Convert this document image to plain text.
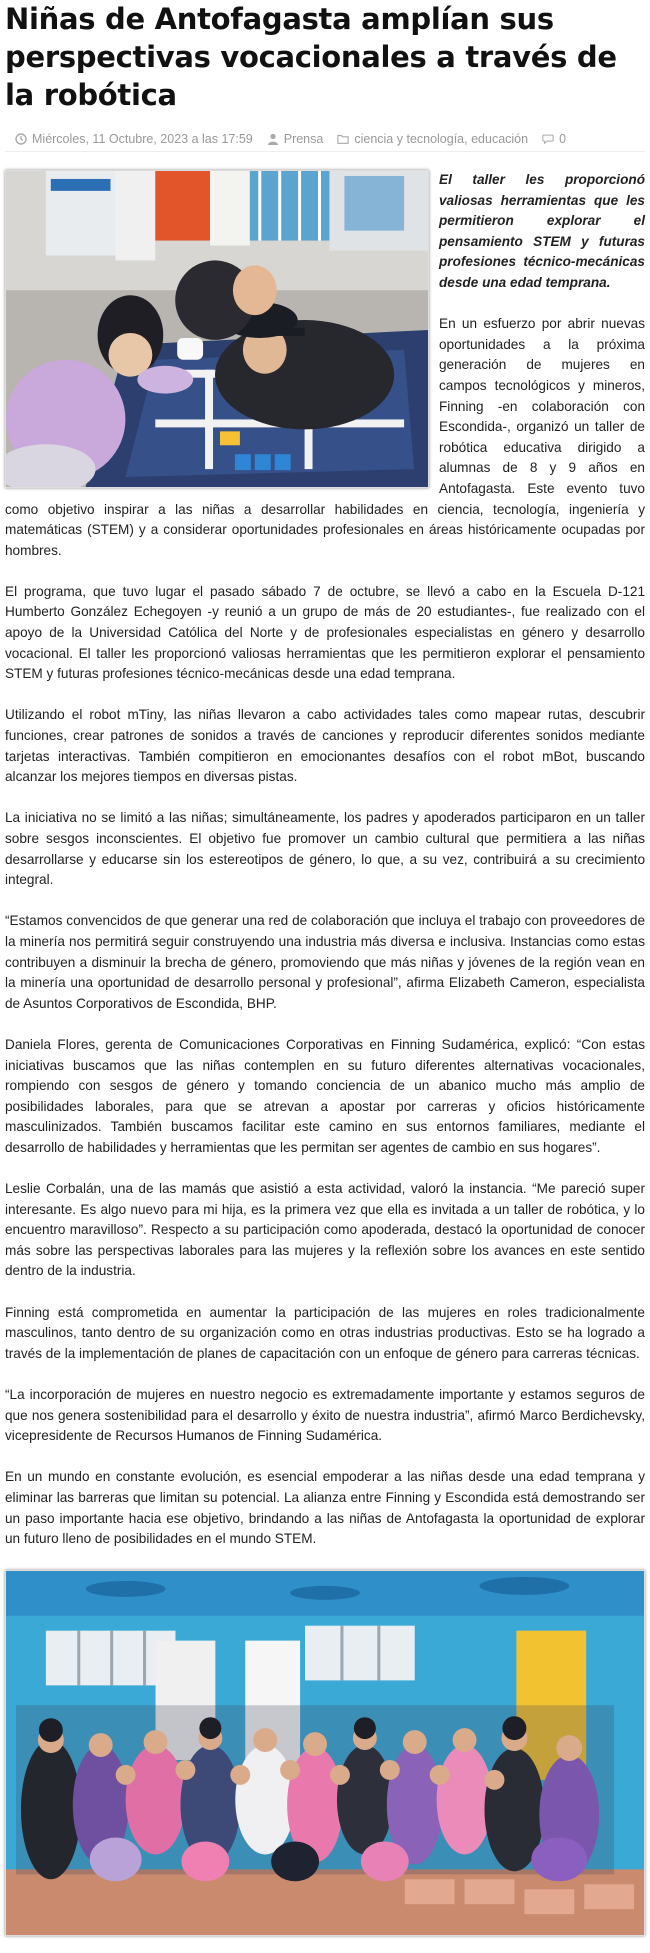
Niñas de Antofagasta amplían sus perspectivas vocacionales a través de la robótica
Miércoles, 11 Octubre, 2023 a las 17:59 Prensa ciencia y tecnología, educación 0

El taller les proporcionó valiosas herramientas que les permitieron explorar el pensamiento STEM y futuras profesiones técnico-mecánicas desde una edad temprana.

En un esfuerzo por abrir nuevas oportunidades a la próxima generación de mujeres en campos tecnológicos y mineros, Finning -en colaboración con Escondida-, organizó un taller de robótica educativa dirigido a alumnas de 8 y 9 años en Antofagasta. Este evento tuvo como objetivo inspirar a las niñas a desarrollar habilidades en ciencia, tecnología, ingeniería y matemáticas (STEM) y a considerar oportunidades profesionales en áreas históricamente ocupadas por hombres.

El programa, que tuvo lugar el pasado sábado 7 de octubre, se llevó a cabo en la Escuela D-121 Humberto González Echegoyen -y reunió a un grupo de más de 20 estudiantes-, fue realizado con el apoyo de la Universidad Católica del Norte y de profesionales especialistas en género y desarrollo vocacional. El taller les proporcionó valiosas herramientas que les permitieron explorar el pensamiento STEM y futuras profesiones técnico-mecánicas desde una edad temprana.

Utilizando el robot mTiny, las niñas llevaron a cabo actividades tales como mapear rutas, descubrir funciones, crear patrones de sonidos a través de canciones y reproducir diferentes sonidos mediante tarjetas interactivas. También compitieron en emocionantes desafíos con el robot mBot, buscando alcanzar los mejores tiempos en diversas pistas.

La iniciativa no se limitó a las niñas; simultáneamente, los padres y apoderados participaron en un taller sobre sesgos inconscientes. El objetivo fue promover un cambio cultural que permitiera a las niñas desarrollarse y educarse sin los estereotipos de género, lo que, a su vez, contribuirá a su crecimiento integral.

“Estamos convencidos de que generar una red de colaboración que incluya el trabajo con proveedores de la minería nos permitirá seguir construyendo una industria más diversa e inclusiva. Instancias como estas contribuyen a disminuir la brecha de género, promoviendo que más niñas y jóvenes de la región vean en la minería una oportunidad de desarrollo personal y profesional”, afirma Elizabeth Cameron, especialista de Asuntos Corporativos de Escondida, BHP.

Daniela Flores, gerenta de Comunicaciones Corporativas en Finning Sudamérica, explicó: “Con estas iniciativas buscamos que las niñas contemplen en su futuro diferentes alternativas vocacionales, rompiendo con sesgos de género y tomando conciencia de un abanico mucho más amplio de posibilidades laborales, para que se atrevan a apostar por carreras y oficios históricamente masculinizados. También buscamos facilitar este camino en sus entornos familiares, mediante el desarrollo de habilidades y herramientas que les permitan ser agentes de cambio en sus hogares”.

Leslie Corbalán, una de las mamás que asistió a esta actividad, valoró la instancia. “Me pareció super interesante. Es algo nuevo para mi hija, es la primera vez que ella es invitada a un taller de robótica, y lo encuentro maravilloso”. Respecto a su participación como apoderada, destacó la oportunidad de conocer más sobre las perspectivas laborales para las mujeres y la reflexión sobre los avances en este sentido dentro de la industria.

Finning está comprometida en aumentar la participación de las mujeres en roles tradicionalmente masculinos, tanto dentro de su organización como en otras industrias productivas. Esto se ha logrado a través de la implementación de planes de capacitación con un enfoque de género para carreras técnicas.

“La incorporación de mujeres en nuestro negocio es extremadamente importante y estamos seguros de que nos genera sostenibilidad para el desarrollo y éxito de nuestra industria”, afirmó Marco Berdichevsky, vicepresidente de Recursos Humanos de Finning Sudamérica.

En un mundo en constante evolución, es esencial empoderar a las niñas desde una edad temprana y eliminar las barreras que limitan su potencial. La alianza entre Finning y Escondida está demostrando ser un paso importante hacia ese objetivo, brindando a las niñas de Antofagasta la oportunidad de explorar un futuro lleno de posibilidades en el mundo STEM.
